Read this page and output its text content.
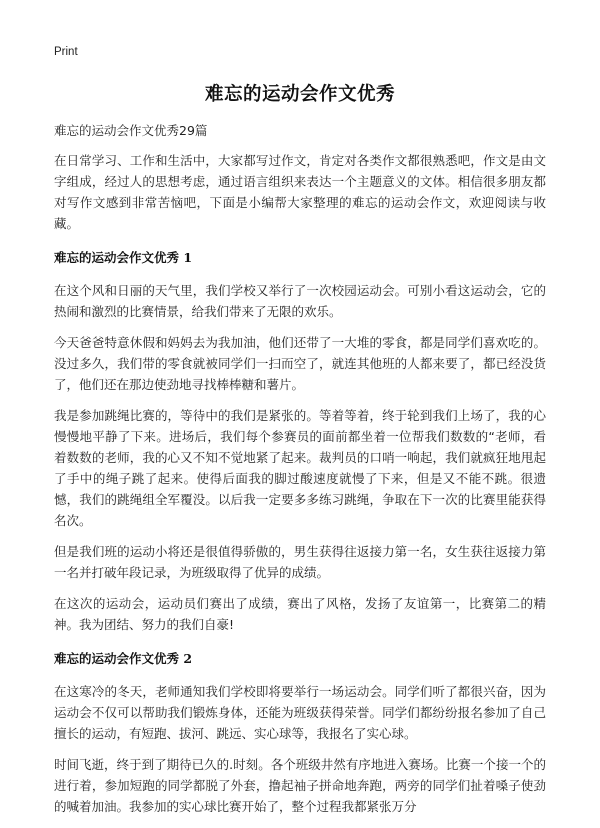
Print
难忘的运动会作文优秀
难忘的运动会作文优秀29篇

在日常学习、工作和生活中，大家都写过作文，肯定对各类作文都很熟悉吧，作文是由文字组成，经过人的思想考虑，通过语言组织来表达一个主题意义的文体。相信很多朋友都对写作文感到非常苦恼吧，下面是小编帮大家整理的难忘的运动会作文，欢迎阅读与收藏。

难忘的运动会作文优秀 1

在这个风和日丽的天气里，我们学校又举行了一次校园运动会。可别小看这运动会，它的热闹和激烈的比赛情景，给我们带来了无限的欢乐。

今天爸爸特意休假和妈妈去为我加油，他们还带了一大堆的零食，都是同学们喜欢吃的。没过多久，我们带的零食就被同学们一扫而空了，就连其他班的人都来要了，都已经没货了，他们还在那边使劲地寻找棒棒糖和薯片。

我是参加跳绳比赛的，等待中的我们是紧张的。等着等着，终于轮到我们上场了，我的心慢慢地平静了下来。进场后，我们每个参赛员的面前都坐着一位帮我们数数的“老师，看着数数的老师，我的心又不知不觉地紧了起来。裁判员的口哨一响起，我们就疯狂地甩起了手中的绳子跳了起来。使得后面我的脚过酸速度就慢了下来，但是又不能不跳。很遗憾，我们的跳绳组全军覆没。以后我一定要多多练习跳绳，争取在下一次的比赛里能获得名次。

但是我们班的运动小将还是很值得骄傲的，男生获得往返接力第一名，女生获往返接力第一名并打破年段记录，为班级取得了优异的成绩。

在这次的运动会，运动员们赛出了成绩，赛出了风格，发扬了友谊第一，比赛第二的精神。我为团结、努力的我们自豪!

难忘的运动会作文优秀 2

在这寒冷的冬天，老师通知我们学校即将要举行一场运动会。同学们听了都很兴奋，因为运动会不仅可以帮助我们锻炼身体，还能为班级获得荣誉。同学们都纷纷报名参加了自己擅长的运动，有短跑、拔河、跳远、实心球等，我报名了实心球。

时间飞逝，终于到了期待已久的.时刻。各个班级井然有序地进入赛场。比赛一个接一个的进行着，参加短跑的同学都脱了外套，撸起袖子拼命地奔跑，两旁的同学们扯着嗓子使劲的喊着加油。我参加的实心球比赛开始了，整个过程我都紧张万分
